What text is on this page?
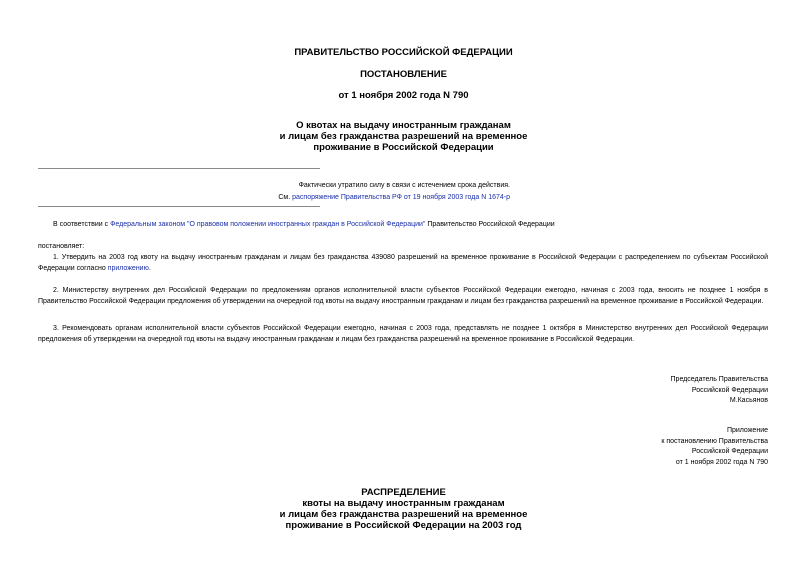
ПРАВИТЕЛЬСТВО РОССИЙСКОЙ ФЕДЕРАЦИИ
ПОСТАНОВЛЕНИЕ
от 1 ноября 2002 года N 790
О квотах на выдачу иностранным гражданам
и лицам без гражданства разрешений на временное
проживание в Российской Федерации
Фактически утратило силу в связи с истечением срока действия.
См. распоряжение Правительства РФ от 19 ноября 2003 года N 1674-р
В соответствии с Федеральным законом "О правовом положении иностранных граждан в Российской Федерации" Правительство Российской Федерации
постановляет:
1. Утвердить на 2003 год квоту на выдачу иностранным гражданам и лицам без гражданства 439080 разрешений на временное проживание в Российской Федерации с распределением по субъектам Российской Федерации согласно приложению.
2. Министерству внутренних дел Российской Федерации по предложениям органов исполнительной власти субъектов Российской Федерации ежегодно, начиная с 2003 года, вносить не позднее 1 ноября в Правительство Российской Федерации предложения об утверждении на очередной год квоты на выдачу иностранным гражданам и лицам без гражданства разрешений на временное проживание в Российской Федерации.
3. Рекомендовать органам исполнительной власти субъектов Российской Федерации ежегодно, начиная с 2003 года, представлять не позднее 1 октября в Министерство внутренних дел Российской Федерации предложения об утверждении на очередной год квоты на выдачу иностранным гражданам и лицам без гражданства разрешений на временное проживание в Российской Федерации.
Председатель Правительства
Российской Федерации
М.Касьянов
Приложение
к постановлению Правительства
Российской Федерации
от 1 ноября 2002 года N 790
РАСПРЕДЕЛЕНИЕ
квоты на выдачу иностранным гражданам
и лицам без гражданства разрешений на временное
проживание в Российской Федерации на 2003 год
